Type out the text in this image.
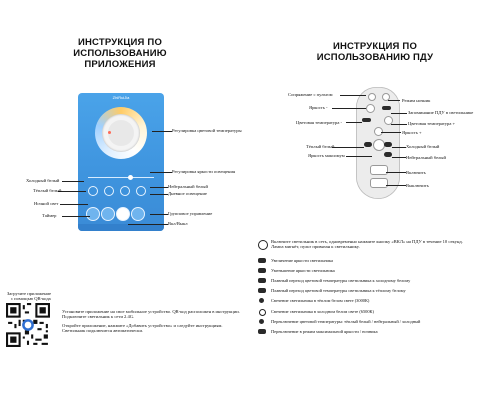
ИНСТРУКЦИЯ ПО ИСПОЛЬЗОВАНИЮ
ПРИЛОЖЕНИЯ
ИНСТРУКЦИЯ ПО ИСПОЛЬЗОВАНИЮ ПДУ
ZhiRuiJia
Регулировка цветовой температуры
Регулировка яркости освещения
Холодный белый
Тёплый белый
Нейтральный белый
Дневное освещение
Ночной свет
Таймер	Групповое управление
Вкл/Выкл
Загрузите приложение
с помощью QR-кода
Установите приложение на свое мобильное устройство. QR-код расположен в инструкции. Подключите светильник к сети 2.4G.
Откройте приложение, нажмите «Добавить устройство» и следуйте инструкциям. Светильник подключится автоматически.
Сопряжение с пультом
Режим ночник
Яркость -
Запоминание ПДУ в светильнике
Цветовая температура -	Цветовая температура +
Яркость +
Тёплый белый	Холодный белый
Яркость максимум	Нейтральный белый
Включить
Выключить
Включите светильник в сеть, одновременно нажмите кнопку «ВКЛ» на ПДУ в течение 10 секунд. Лампа мигнёт, пульт привязан к светильнику.
Увеличение яркости светильника
Уменьшение яркости светильника
Плавный переход цветовой температуры светильника к холодному белому
Плавный переход цветовой температуры светильника к тёплому белому
Свечение светильника в тёплом белом свете (3000К)
Свечение светильника в холодном белом свете (6500К)
Переключение цветовой температуры: тёплый белый / нейтральный / холодный
Переключение в режим максимальной яркости / ночника
